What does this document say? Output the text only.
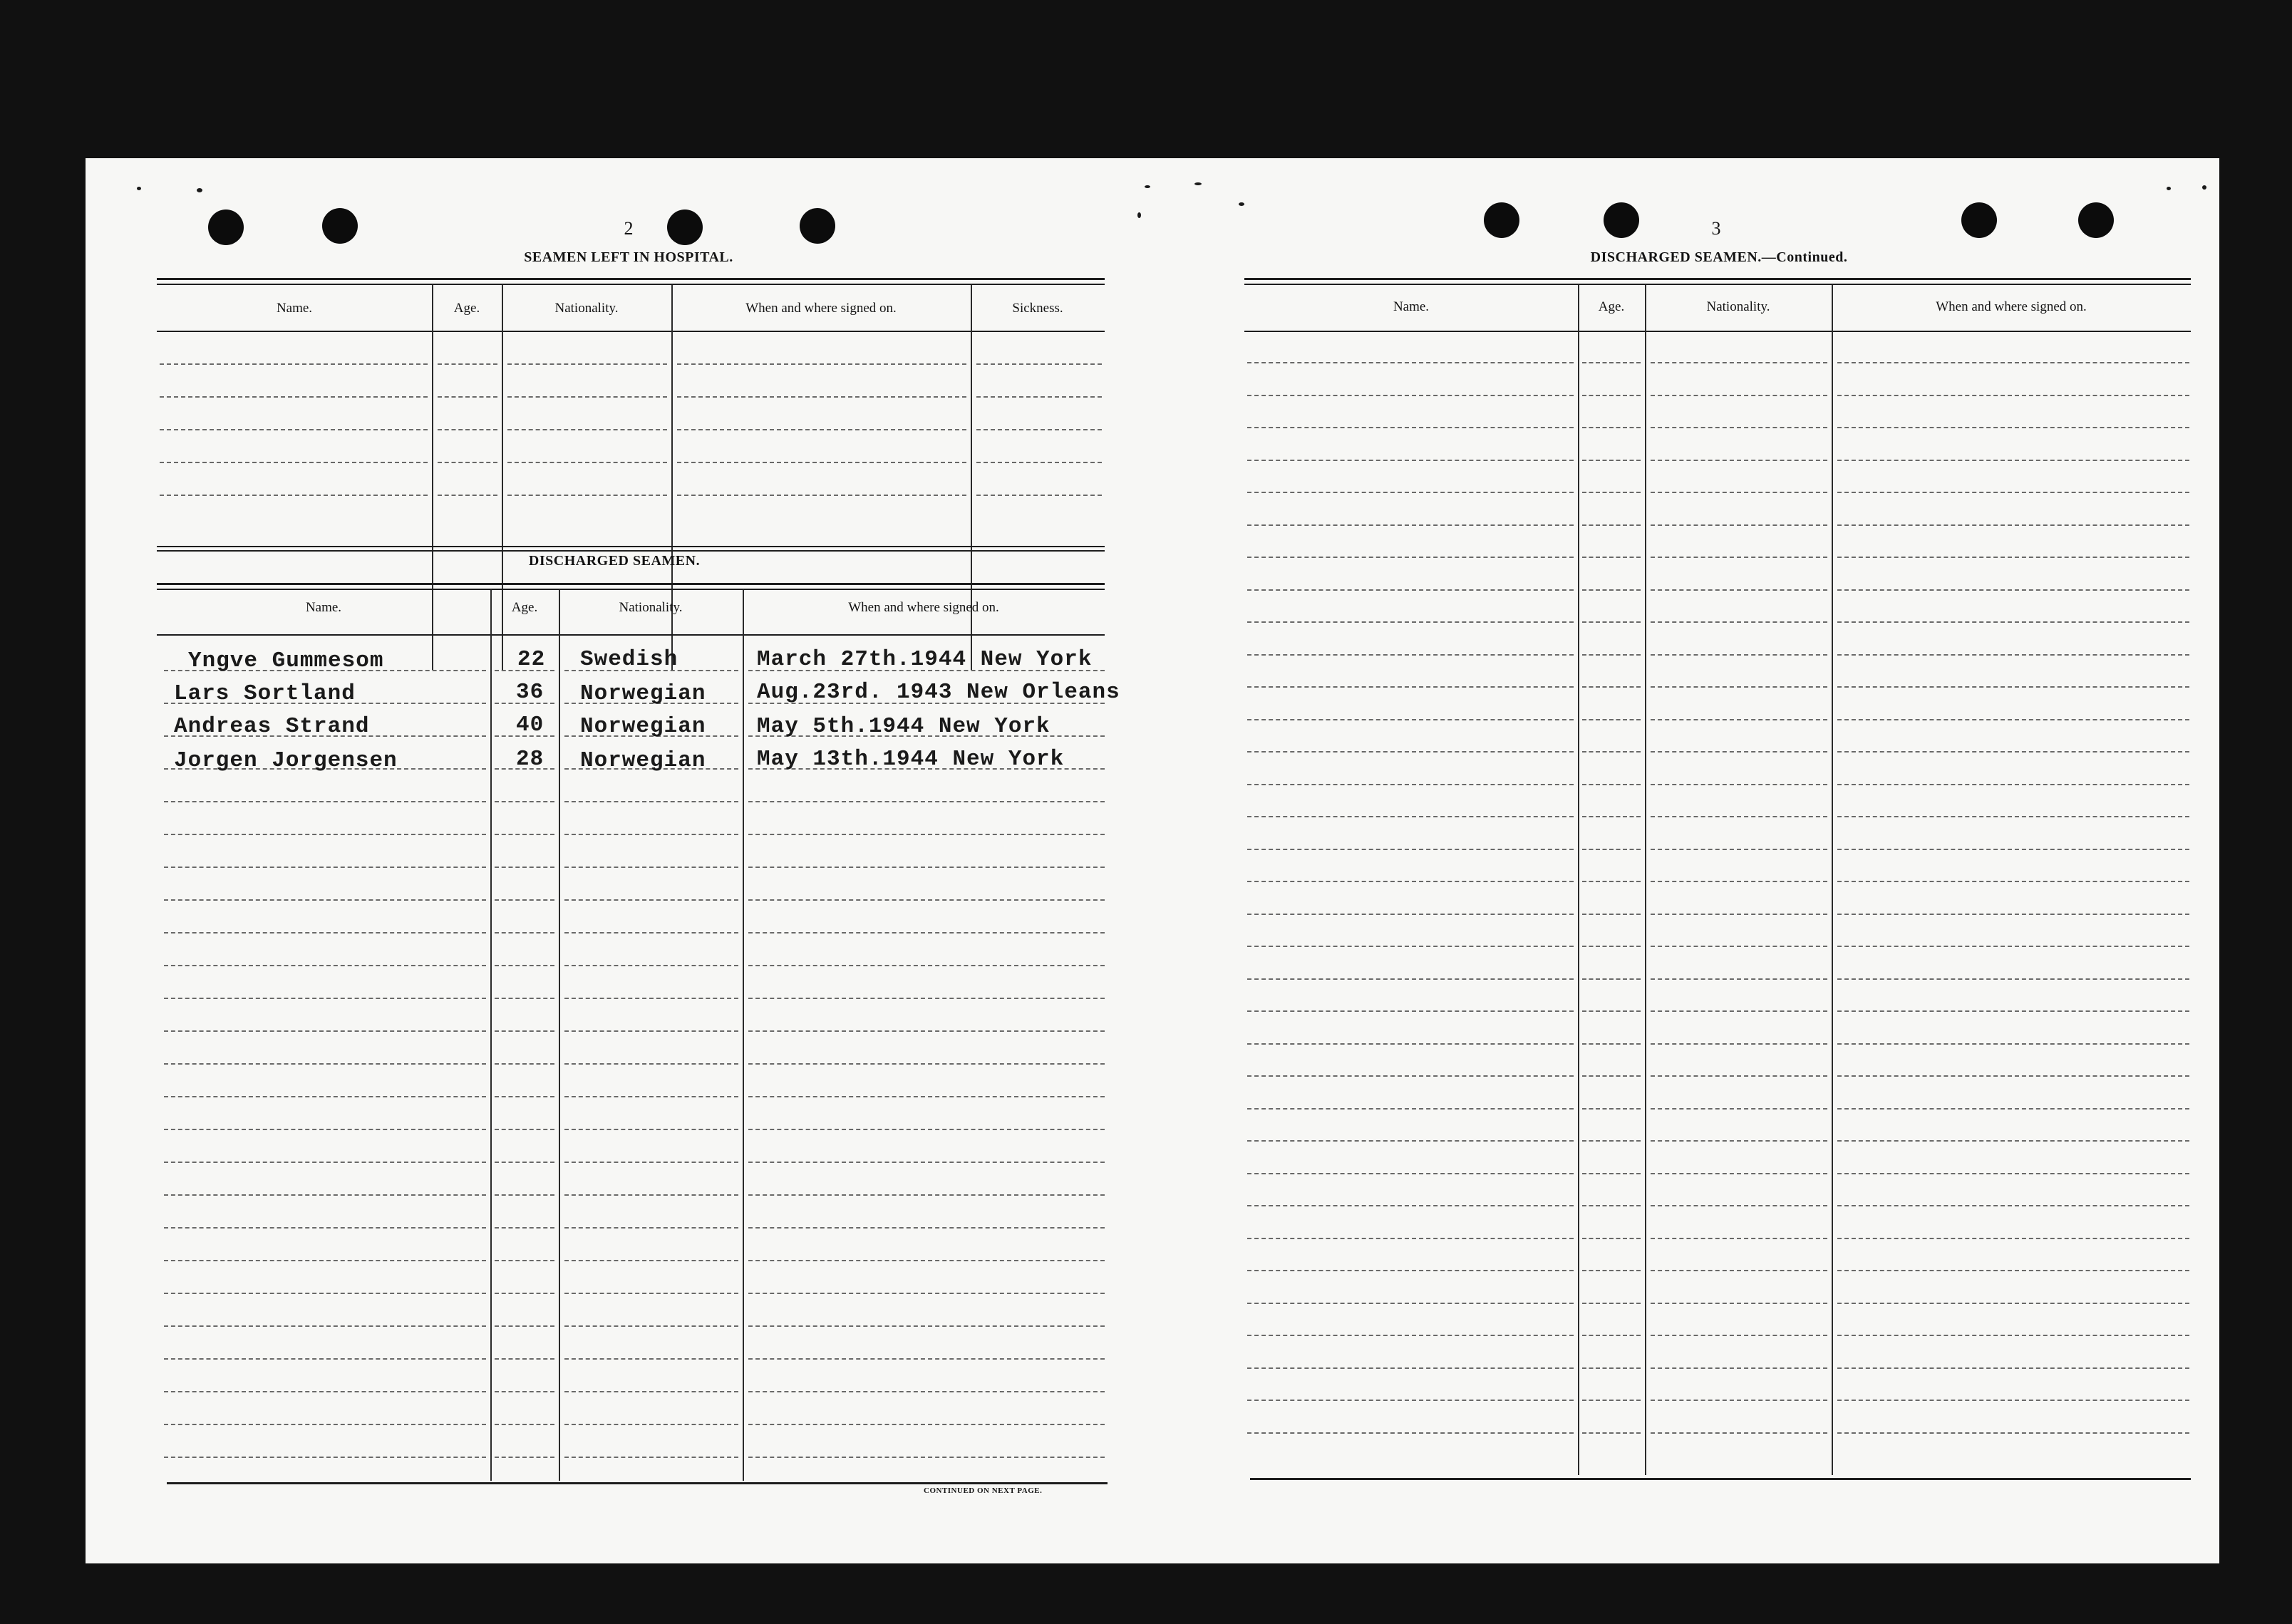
2
SEAMEN LEFT IN HOSPITAL.
Name.	Age.	Nationality.	When and where signed on.	Sickness.
DISCHARGED SEAMEN.
Name.	Age.	Nationality.	When and where signed on.
Yngve Gummesom	22 Swedish	March 27th.1944 New York
Lars Sortland	36 Norwegian Aug.23rd. 1943 New Orleans
Andreas Strand	40 Norwegian May 5th.1944 New York
Jorgen Jorgensen	28 Norwegian May 13th.1944 New York
CONTINUED ON NEXT PAGE.
3
DISCHARGED SEAMEN.—Continued.
Name.	Age.	Nationality.	When and where signed on.
